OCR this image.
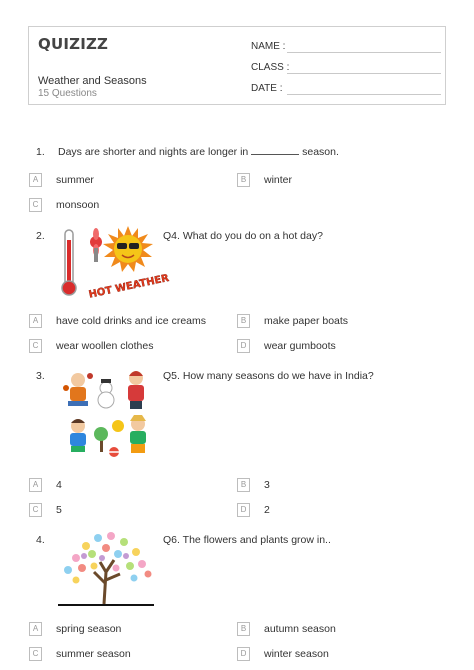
QUIZIZZ
Weather and Seasons
15 Questions
NAME :
CLASS :
DATE :
1. Days are shorter and nights are longer in	season.
A	summer	B	winter
C	monsoon
2.
HOT WEATHER
Q4. What do you do on a hot day?
A	have cold drinks and ice creams	B	make paper boats
C	wear woollen clothes	D	wear gumboots
3.	Q5. How many seasons do we have in India?
A	4	B	3
C	5	D	2
4.	Q6. The flowers and plants grow in..
A	spring season	B	autumn season
C	summer season	D	winter season
